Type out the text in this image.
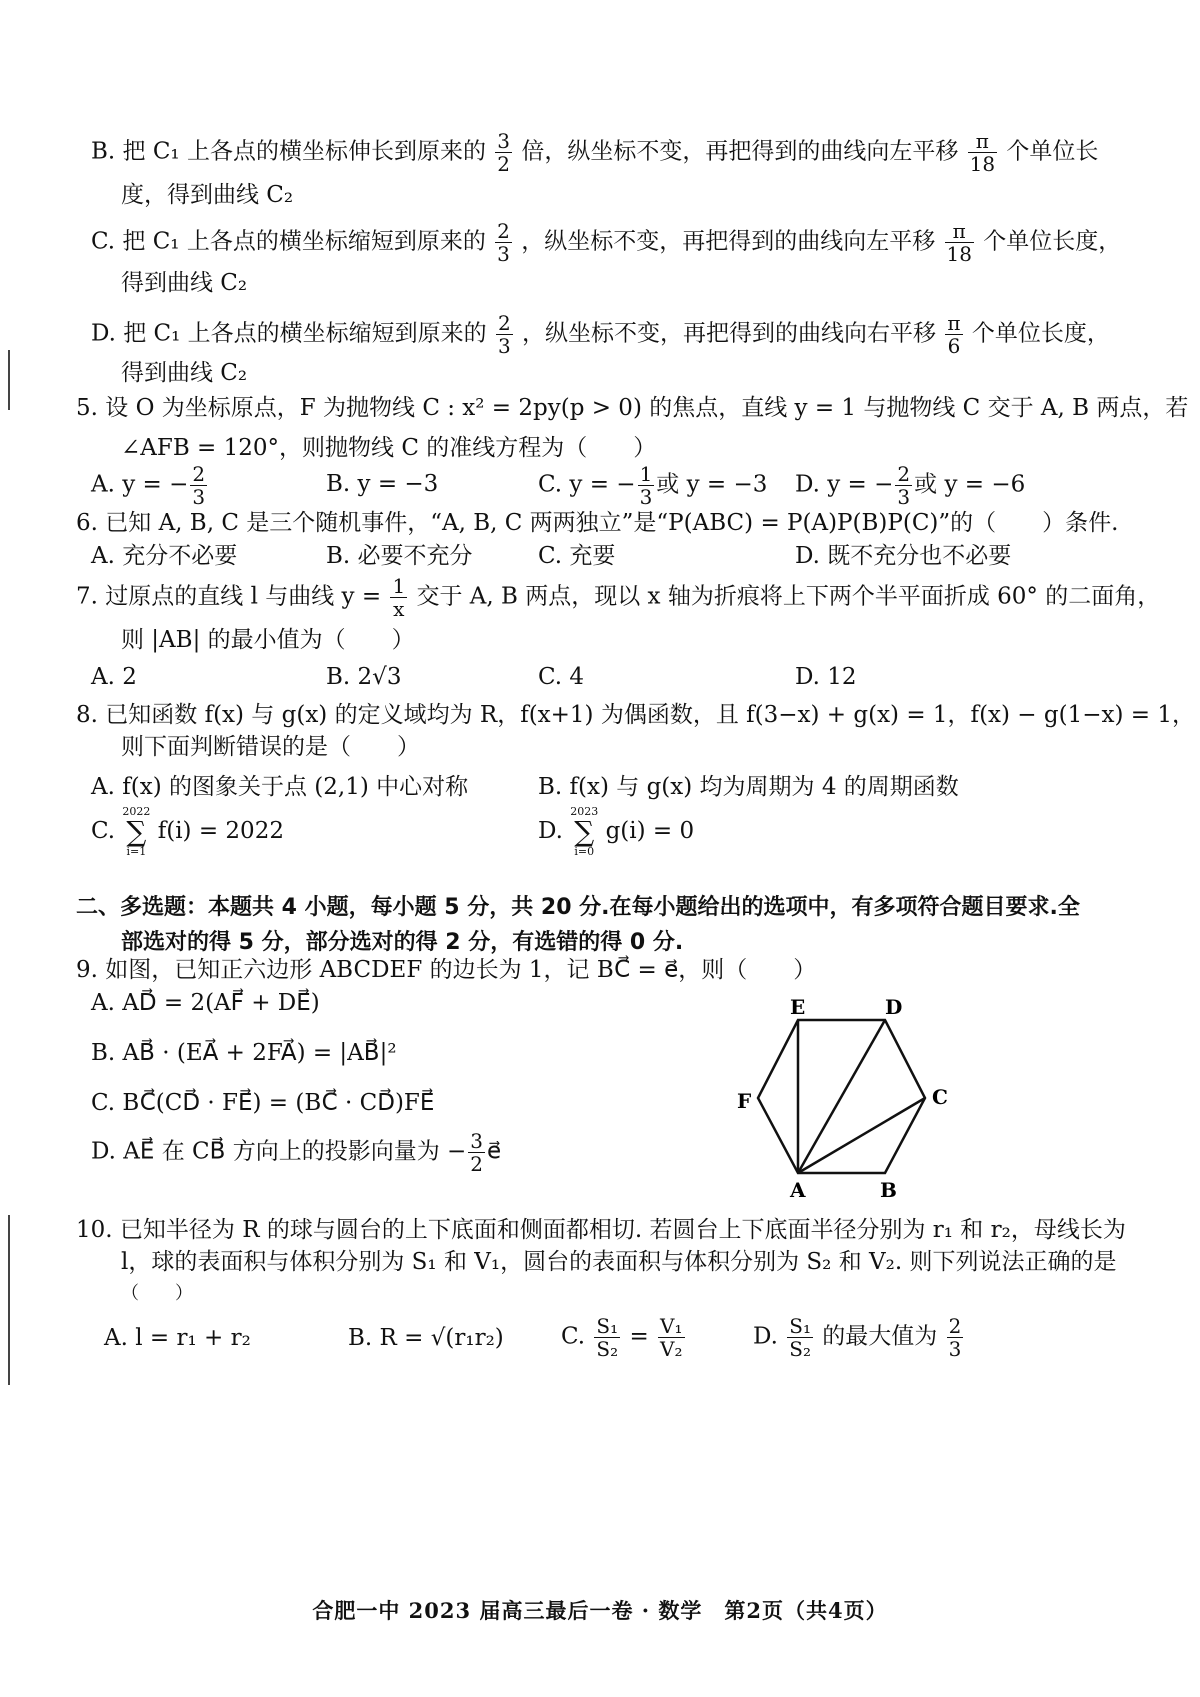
B. 把 C₁ 上各点的横坐标伸长到原来的 $\frac{3}{2}$ 倍，纵坐标不变，再把得到的曲线向左平移 $\frac{\pi}{18}$ 个单位长
度，得到曲线 C₂
C. 把 C₁ 上各点的横坐标缩短到原来的 $\frac{2}{3}$ ，纵坐标不变，再把得到的曲线向左平移 $\frac{\pi}{18}$ 个单位长度，
得到曲线 C₂
D. 把 C₁ 上各点的横坐标缩短到原来的 $\frac{2}{3}$ ，纵坐标不变，再把得到的曲线向右平移 $\frac{\pi}{6}$ 个单位长度，
得到曲线 C₂
5. 设 O 为坐标原点，F 为抛物线 C : x² = 2py(p > 0) 的焦点，直线 y = 1 与抛物线 C 交于 A, B 两点，若
∠AFB = 120°，则抛物线 C 的准线方程为（　　）
A. y = − $\frac{2}{3}$	B. y = −3	C. y = − $\frac{1}{3}$ 或 y = −3 D. y = − $\frac{2}{3}$ 或 y = −6
6. 已知 A, B, C 是三个随机事件，“A, B, C 两两独立”是“P(ABC) = P(A)P(B)P(C)”的（　　）条件.
A. 充分不必要	B. 必要不充分	C. 充要	D. 既不充分也不必要
7. 过原点的直线 l 与曲线 $y = \frac{1}{x}$ 交于 A, B 两点，现以 x 轴为折痕将上下两个半平面折成 60° 的二面角，
则 |AB| 的最小值为（　　）
A. 2	B. 2√3	C. 4	D. 12
8. 已知函数 f(x) 与 g(x) 的定义域均为 R，f(x+1) 为偶函数，且 f(3−x) + g(x) = 1，f(x) − g(1−x) = 1，
则下面判断错误的是（　　）
A. f(x) 的图象关于点 (2,1) 中心对称	B. f(x) 与 g(x) 均为周期为 4 的周期函数
C.
2022
∑
i=1
f(i) = 2022	D.
2023
∑
i=0
g(i) = 0
二、多选题：本题共 4 小题，每小题 5 分，共 20 分.在每小题给出的选项中，有多项符合题目要求.全
部选对的得 5 分，部分选对的得 2 分，有选错的得 0 分.
9. 如图，已知正六边形 ABCDEF 的边长为 1，记 BC⃗ = e⃗，则（　　）
A. AD⃗ = 2(AF⃗ + DE⃗)
B. AB⃗ · (EA⃗ + 2FA⃗) = |AB⃗|²
C. BC⃗(CD⃗ · FE⃗) = (BC⃗ · CD⃗)FE⃗
D. AE⃗ 在 CB⃗ 方向上的投影向量为 − $\frac{3}{2}$ e⃗
E	D
F	C
A	B
10. 已知半径为 R 的球与圆台的上下底面和侧面都相切. 若圆台上下底面半径分别为 r₁ 和 r₂，母线长为
l，球的表面积与体积分别为 S₁ 和 V₁，圆台的表面积与体积分别为 S₂ 和 V₂. 则下列说法正确的是
（　　）
A. l = r₁ + r₂	B. R = √(r₁r₂) C. $\frac{\text{S₁}}{\text{S₂}} = \frac{\text{V₁}}{\text{V₂}}$	D. $\frac{\text{S₁}}{\text{S₂}}$ 的最大值为 $\frac{2}{3}$
合肥一中 2023 届高三最后一卷 · 数学　第2页（共4页）
